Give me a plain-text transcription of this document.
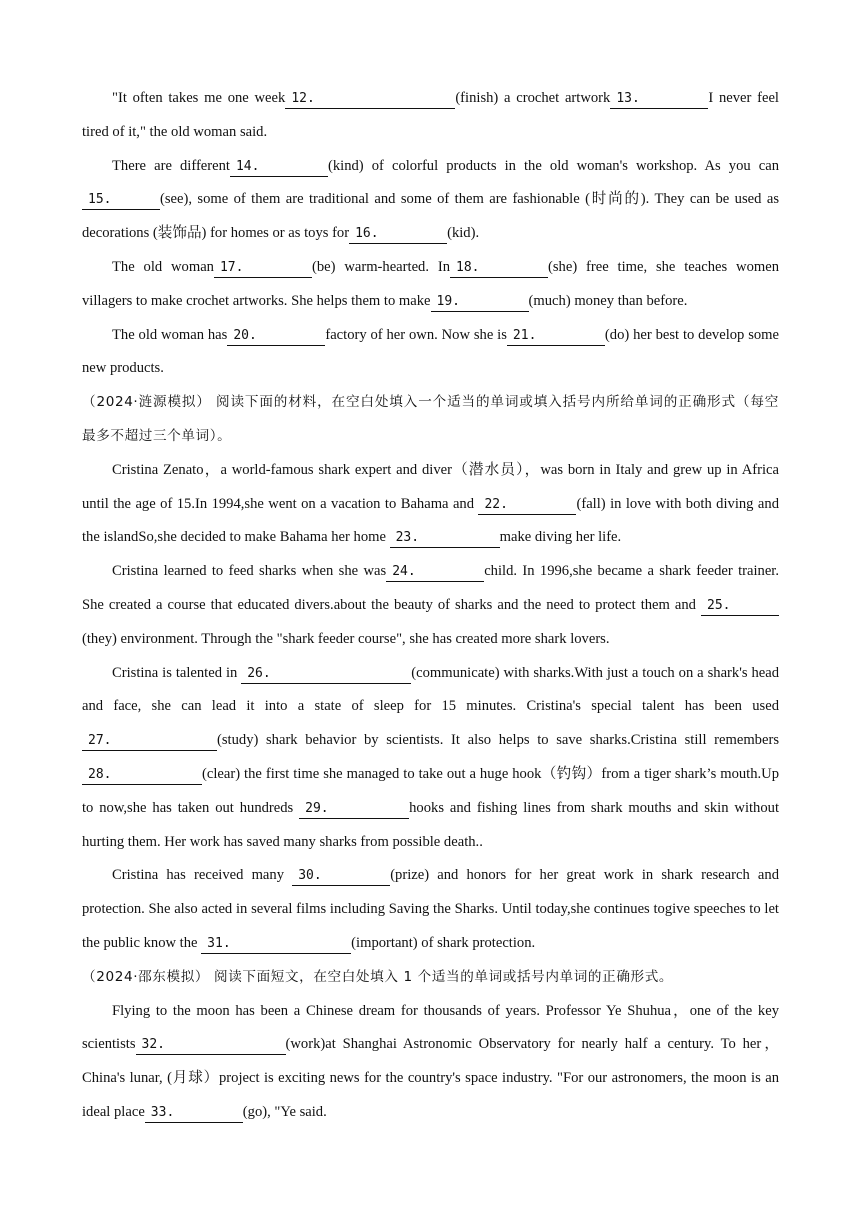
"It often takes me one week 12.	(finish) a crochet artwork 13.	I never feel tired of it," the old woman said.

There are different 14.	(kind) of colorful products in the old woman's workshop. As you can 15.	(see), some of them are traditional and some of them are fashionable (时尚的). They can be used as decorations (装饰品) for homes or as toys for 16.	(kid).

The old woman 17.	(be) warm-hearted. In 18.	(she) free time, she teaches women villagers to make crochet artworks. She helps them to make 19.	(much) money than before.

The old woman has 20.	factory of her own. Now she is 21.	(do) her best to develop some new products.

（2024·涟源模拟） 阅读下面的材料，在空白处填入一个适当的单词或填入括号内所给单词的正确形式（每空最多不超过三个单词）。

Cristina Zenato，a world-famous shark expert and diver（潜水员），was born in Italy and grew up in Africa until the age of 15.In 1994,she went on a vacation to Bahama and 22.	(fall) in love with both diving and the islandSo,she decided to make Bahama her home 23.	make diving her life.

Cristina learned to feed sharks when she was 24.	child. In 1996,she became a shark feeder trainer. She created a course that educated divers.about the beauty of sharks and the need to protect them and 25.(they) environment. Through the "shark feeder course", she has created more shark lovers.

Cristina is talented in 26.	(communicate) with sharks.With just a touch on a shark's head and face, she can lead it into a state of sleep for 15 minutes. Cristina's special talent has been used 27.	(study) shark behavior by scientists. It also helps to save sharks.Cristina still remembers 28.	(clear) the first time she managed to take out a huge hook（钓钩）from a tiger shark’s mouth.Up to now,she has taken out hundreds 29.	hooks and fishing lines from shark mouths and skin without hurting them. Her work has saved many sharks from possible death..

Cristina has received many 30.	(prize) and honors for her great work in shark research and protection. She also acted in several films including Saving the Sharks. Until today,she continues togive speeches to let the public know the 31.	(important) of shark protection.

（2024·邵东模拟） 阅读下面短文，在空白处填入 1 个适当的单词或括号内单词的正确形式。

Flying to the moon has been a Chinese dream for thousands of years. Professor Ye Shuhua，one of the key scientists 32.	(work)at Shanghai Astronomic Observatory for nearly half a century. To her，China's lunar, (月球）project is exciting news for the country's space industry. "For our astronomers, the moon is an ideal place 33.	(go), "Ye said.
